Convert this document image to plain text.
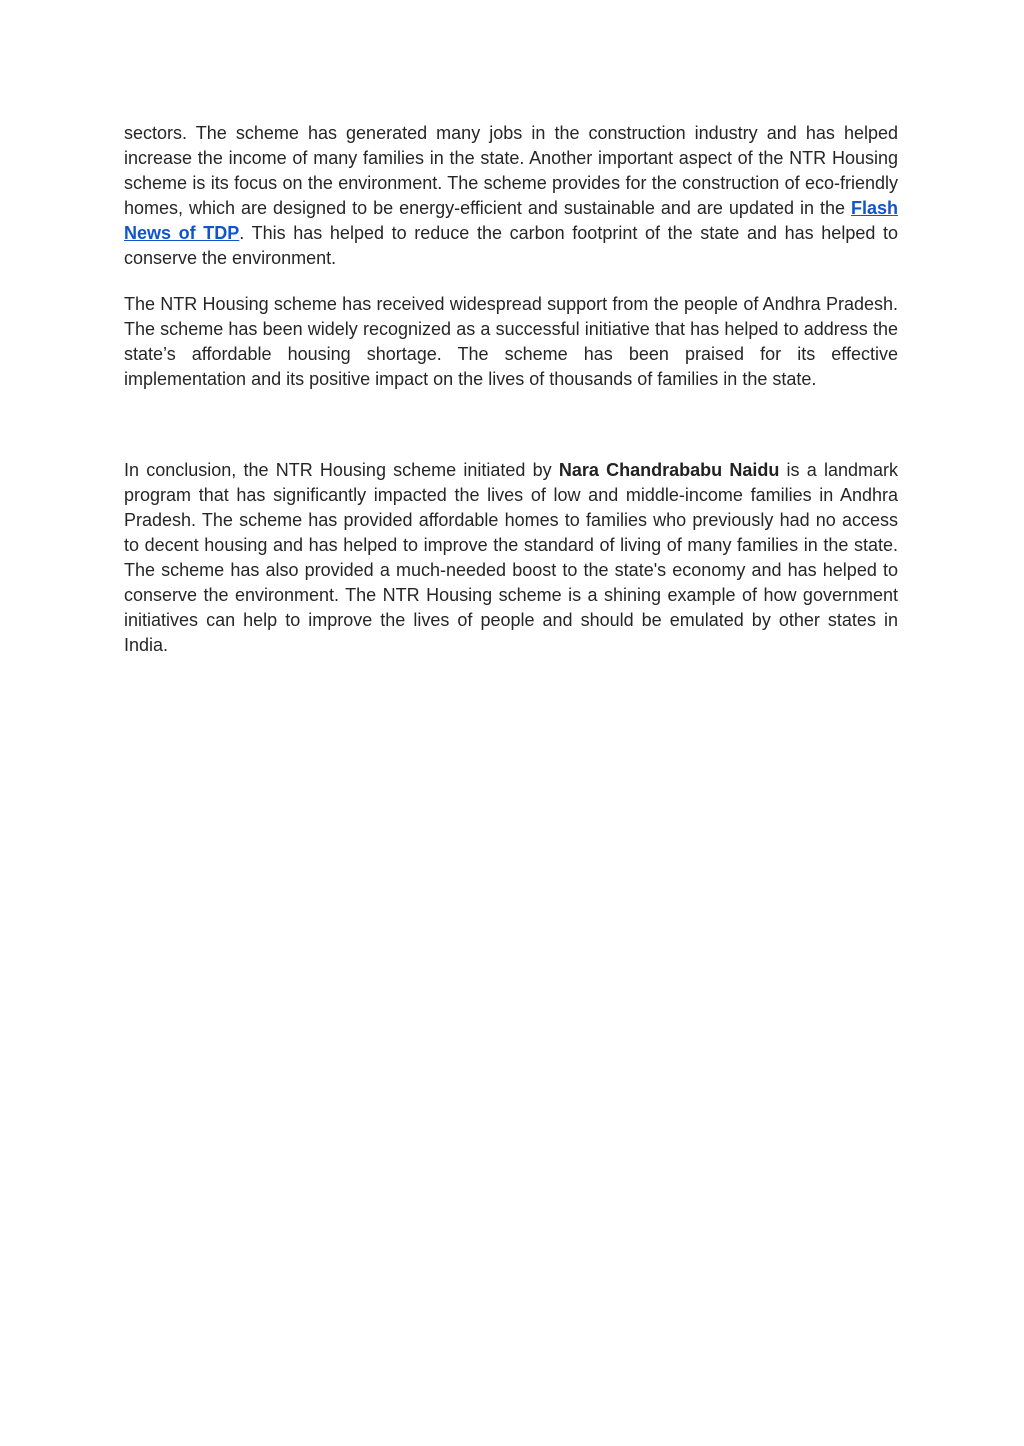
sectors. The scheme has generated many jobs in the construction industry and has helped increase the income of many families in the state. Another important aspect of the NTR Housing scheme is its focus on the environment. The scheme provides for the construction of eco-friendly homes, which are designed to be energy-efficient and sustainable and are updated in the Flash News of TDP. This has helped to reduce the carbon footprint of the state and has helped to conserve the environment.

The NTR Housing scheme has received widespread support from the people of Andhra Pradesh. The scheme has been widely recognized as a successful initiative that has helped to address the state’s affordable housing shortage. The scheme has been praised for its effective implementation and its positive impact on the lives of thousands of families in the state.

In conclusion, the NTR Housing scheme initiated by Nara Chandrababu Naidu is a landmark program that has significantly impacted the lives of low and middle-income families in Andhra Pradesh. The scheme has provided affordable homes to families who previously had no access to decent housing and has helped to improve the standard of living of many families in the state. The scheme has also provided a much-needed boost to the state's economy and has helped to conserve the environment. The NTR Housing scheme is a shining example of how government initiatives can help to improve the lives of people and should be emulated by other states in India.
